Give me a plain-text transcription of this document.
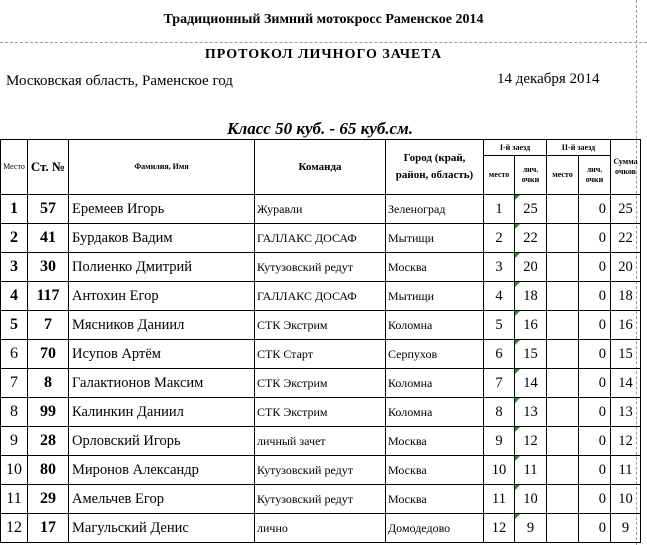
Традиционный Зимний мотокросс Раменское 2014
ПРОТОКОЛ ЛИЧНОГО ЗАЧЕТА
Московская область, Раменское год	14 декабря 2014
Класс 50 куб. - 65 куб.см.
Место	Ст. №	Фамилия, Имя	Команда	Город (край, район, область)	I-й заезд		II-й заезд		Сумма очков
					место	лич. очки	место	лич. очки	
1	57	Еремеев Игорь	Журавли	Зеленоград	1	25		0	25
2	41	Бурдаков Вадим	ГАЛЛАКС ДОСАФ	Мытищи	2	22		0	22
3	30	Полиенко Дмитрий	Кутузовский редут	Москва	3	20		0	20
4	117	Антохин Егор	ГАЛЛАКС ДОСАФ	Мытищи	4	18		0	18
5	7	Мясников Даниил	СТК Экстрим	Коломна	5	16		0	16
6	70	Исупов Артём	СТК Старт	Серпухов	6	15		0	15
7	8	Галактионов Максим	СТК Экстрим	Коломна	7	14		0	14
8	99	Калинкин Даниил	СТК Экстрим	Коломна	8	13		0	13
9	28	Орловский Игорь	личный зачет	Москва	9	12		0	12
10	80	Миронов Александр	Кутузовский редут	Москва	10	11		0	11
11	29	Амельчев Егор	Кутузовский редут	Москва	11	10		0	10
12	17	Магульский Денис	лично	Домодедово	12	9		0	9
